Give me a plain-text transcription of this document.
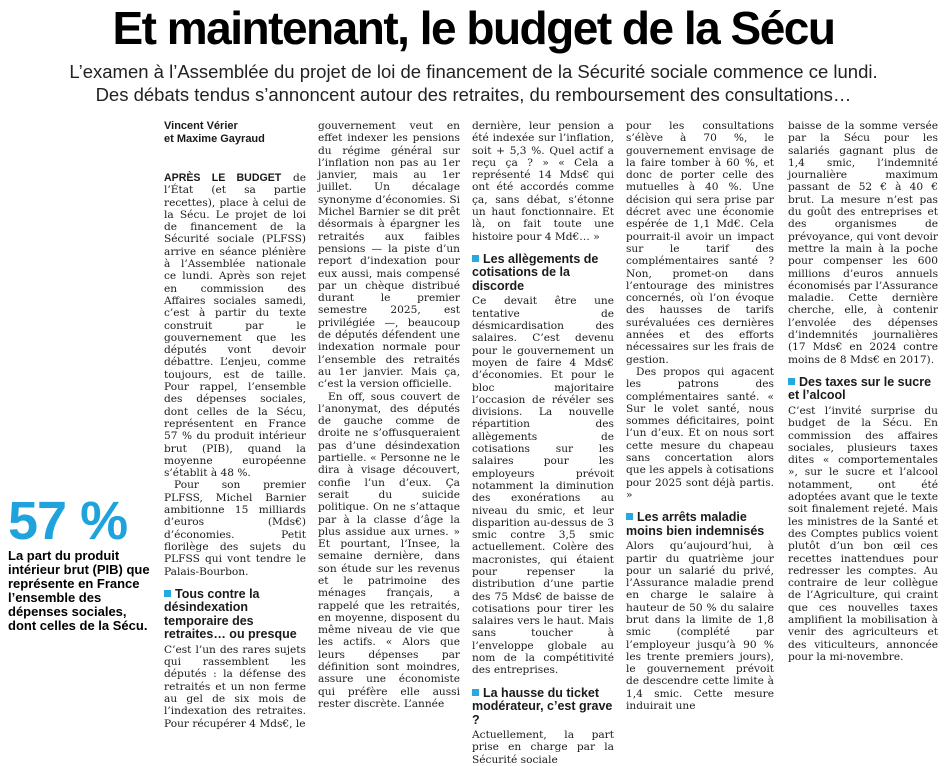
Et maintenant, le budget de la Sécu
L’examen à l’Assemblée du projet de loi de financement de la Sécurité sociale commence ce lundi.
Des débats tendus s’annoncent autour des retraites, du remboursement des consultations…
57 %
La part du produit intérieur brut (PIB) que représente en France l’ensemble des dépenses sociales, dont celles de la Sécu.
Vincent Vérier
et Maxime Gayraud

APRÈS LE BUDGET de l’État (et sa partie recettes), place à celui de la Sécu. Le projet de loi de financement de la Sécurité sociale (PLFSS) arrive en séance plénière à l’Assemblée nationale ce lundi. Après son rejet en commission des Affaires sociales samedi, c’est à partir du texte construit par le gouvernement que les députés vont devoir débattre. L’enjeu, comme toujours, est de taille. Pour rappel, l’ensemble des dépenses sociales, dont celles de la Sécu, représentent en France 57 % du produit intérieur brut (PIB), quand la moyenne européenne s’établit à 48 %.

Pour son premier PLFSS, Michel Barnier ambitionne 15 milliards d’euros (Mds€) d’économies. Petit florilège des sujets du PLFSS qui vont tendre le Palais-Bourbon.

Tous contre la désindexation temporaire des retraites… ou presque

C’est l’un des rares sujets qui rassemblent les députés : la défense des retraités et un non ferme au gel de six mois de l’indexation des retraites. Pour récupérer 4 Mds€, le

gouvernement veut en effet indexer les pensions du régime général sur l’inflation non pas au 1er janvier, mais au 1er juillet. Un décalage synonyme d’économies. Si Michel Barnier se dit prêt désormais à épargner les retraités aux faibles pensions — la piste d’un report d’indexation pour eux aussi, mais compensé par un chèque distribué durant le premier semestre 2025, est privilégiée —, beaucoup de députés défendent une indexation normale pour l’ensemble des retraités au 1er janvier. Mais ça, c’est la version officielle.

En off, sous couvert de l’anonymat, des députés de gauche comme de droite ne s’offusqueraient pas d’une désindexation partielle. « Personne ne le dira à visage découvert, confie l’un d’eux. Ça serait du suicide politique. On ne s’attaque par à la classe d’âge la plus assidue aux urnes. » Et pourtant, l’Insee, la semaine dernière, dans son étude sur les revenus et le patrimoine des ménages français, a rappelé que les retraités, en moyenne, disposent du même niveau de vie que les actifs. « Alors que leurs dépenses par définition sont moindres, assure une économiste qui préfère elle aussi rester discrète. L’année

dernière, leur pension a été indexée sur l’inflation, soit + 5,3 %. Quel actif a reçu ça ? » « Cela a représenté 14 Mds€ qui ont été accordés comme ça, sans débat, s’étonne un haut fonctionnaire. Et là, on fait toute une histoire pour 4 Md€… »

Les allègements de cotisations de la discorde

Ce devait être une tentative de désmicardisation des salaires. C’est devenu pour le gouvernement un moyen de faire 4 Mds€ d’économies. Et pour le bloc majoritaire l’occasion de révéler ses divisions. La nouvelle répartition des allègements de cotisations sur les salaires pour les employeurs prévoit notamment la diminution des exonérations au niveau du smic, et leur disparition au-dessus de 3 smic contre 3,5 smic actuellement. Colère des macronistes, qui étaient pour repenser la distribution d’une partie des 75 Mds€ de baisse de cotisations pour tirer les salaires vers le haut. Mais sans toucher à l’enveloppe globale au nom de la compétitivité des entreprises.

La hausse du ticket modérateur, c’est grave ?

Actuellement, la part prise en charge par la Sécurité sociale

pour les consultations s’élève à 70 %, le gouvernement envisage de la faire tomber à 60 %, et donc de porter celle des mutuelles à 40 %. Une décision qui sera prise par décret avec une économie espérée de 1,1 Md€. Cela pourrait-il avoir un impact sur le tarif des complémentaires santé ? Non, promet-on dans l’entourage des ministres concernés, où l’on évoque des hausses de tarifs surévaluées ces dernières années et des efforts nécessaires sur les frais de gestion.

Des propos qui agacent les patrons des complémentaires santé. « Sur le volet santé, nous sommes déficitaires, point l’un d’eux. Et on nous sort cette mesure du chapeau sans concertation alors que les appels à cotisations pour 2025 sont déjà partis. »

Les arrêts maladie moins bien indemnisés

Alors qu’aujourd’hui, à partir du quatrième jour pour un salarié du privé, l’Assurance maladie prend en charge le salaire à hauteur de 50 % du salaire brut dans la limite de 1,8 smic (complété par l’employeur jusqu’à 90 % les trente premiers jours), le gouvernement prévoit de descendre cette limite à 1,4 smic. Cette mesure induirait une

baisse de la somme versée par la Sécu pour les salariés gagnant plus de 1,4 smic, l’indemnité journalière maximum passant de 52 € à 40 € brut. La mesure n’est pas du goût des entreprises et des organismes de prévoyance, qui vont devoir mettre la main à la poche pour compenser les 600 millions d’euros annuels économisés par l’Assurance maladie. Cette dernière cherche, elle, à contenir l’envolée des dépenses d’indemnités journalières (17 Mds€ en 2024 contre moins de 8 Mds€ en 2017).

Des taxes sur le sucre et l’alcool

C’est l’invité surprise du budget de la Sécu. En commission des affaires sociales, plusieurs taxes dites « comportementales », sur le sucre et l’alcool notamment, ont été adoptées avant que le texte soit finalement rejeté. Mais les ministres de la Santé et des Comptes publics voient plutôt d’un bon œil ces recettes inattendues pour redresser les comptes. Au contraire de leur collègue de l’Agriculture, qui craint que ces nouvelles taxes amplifient la mobilisation à venir des agriculteurs et des viticulteurs, annoncée pour la mi-novembre.
